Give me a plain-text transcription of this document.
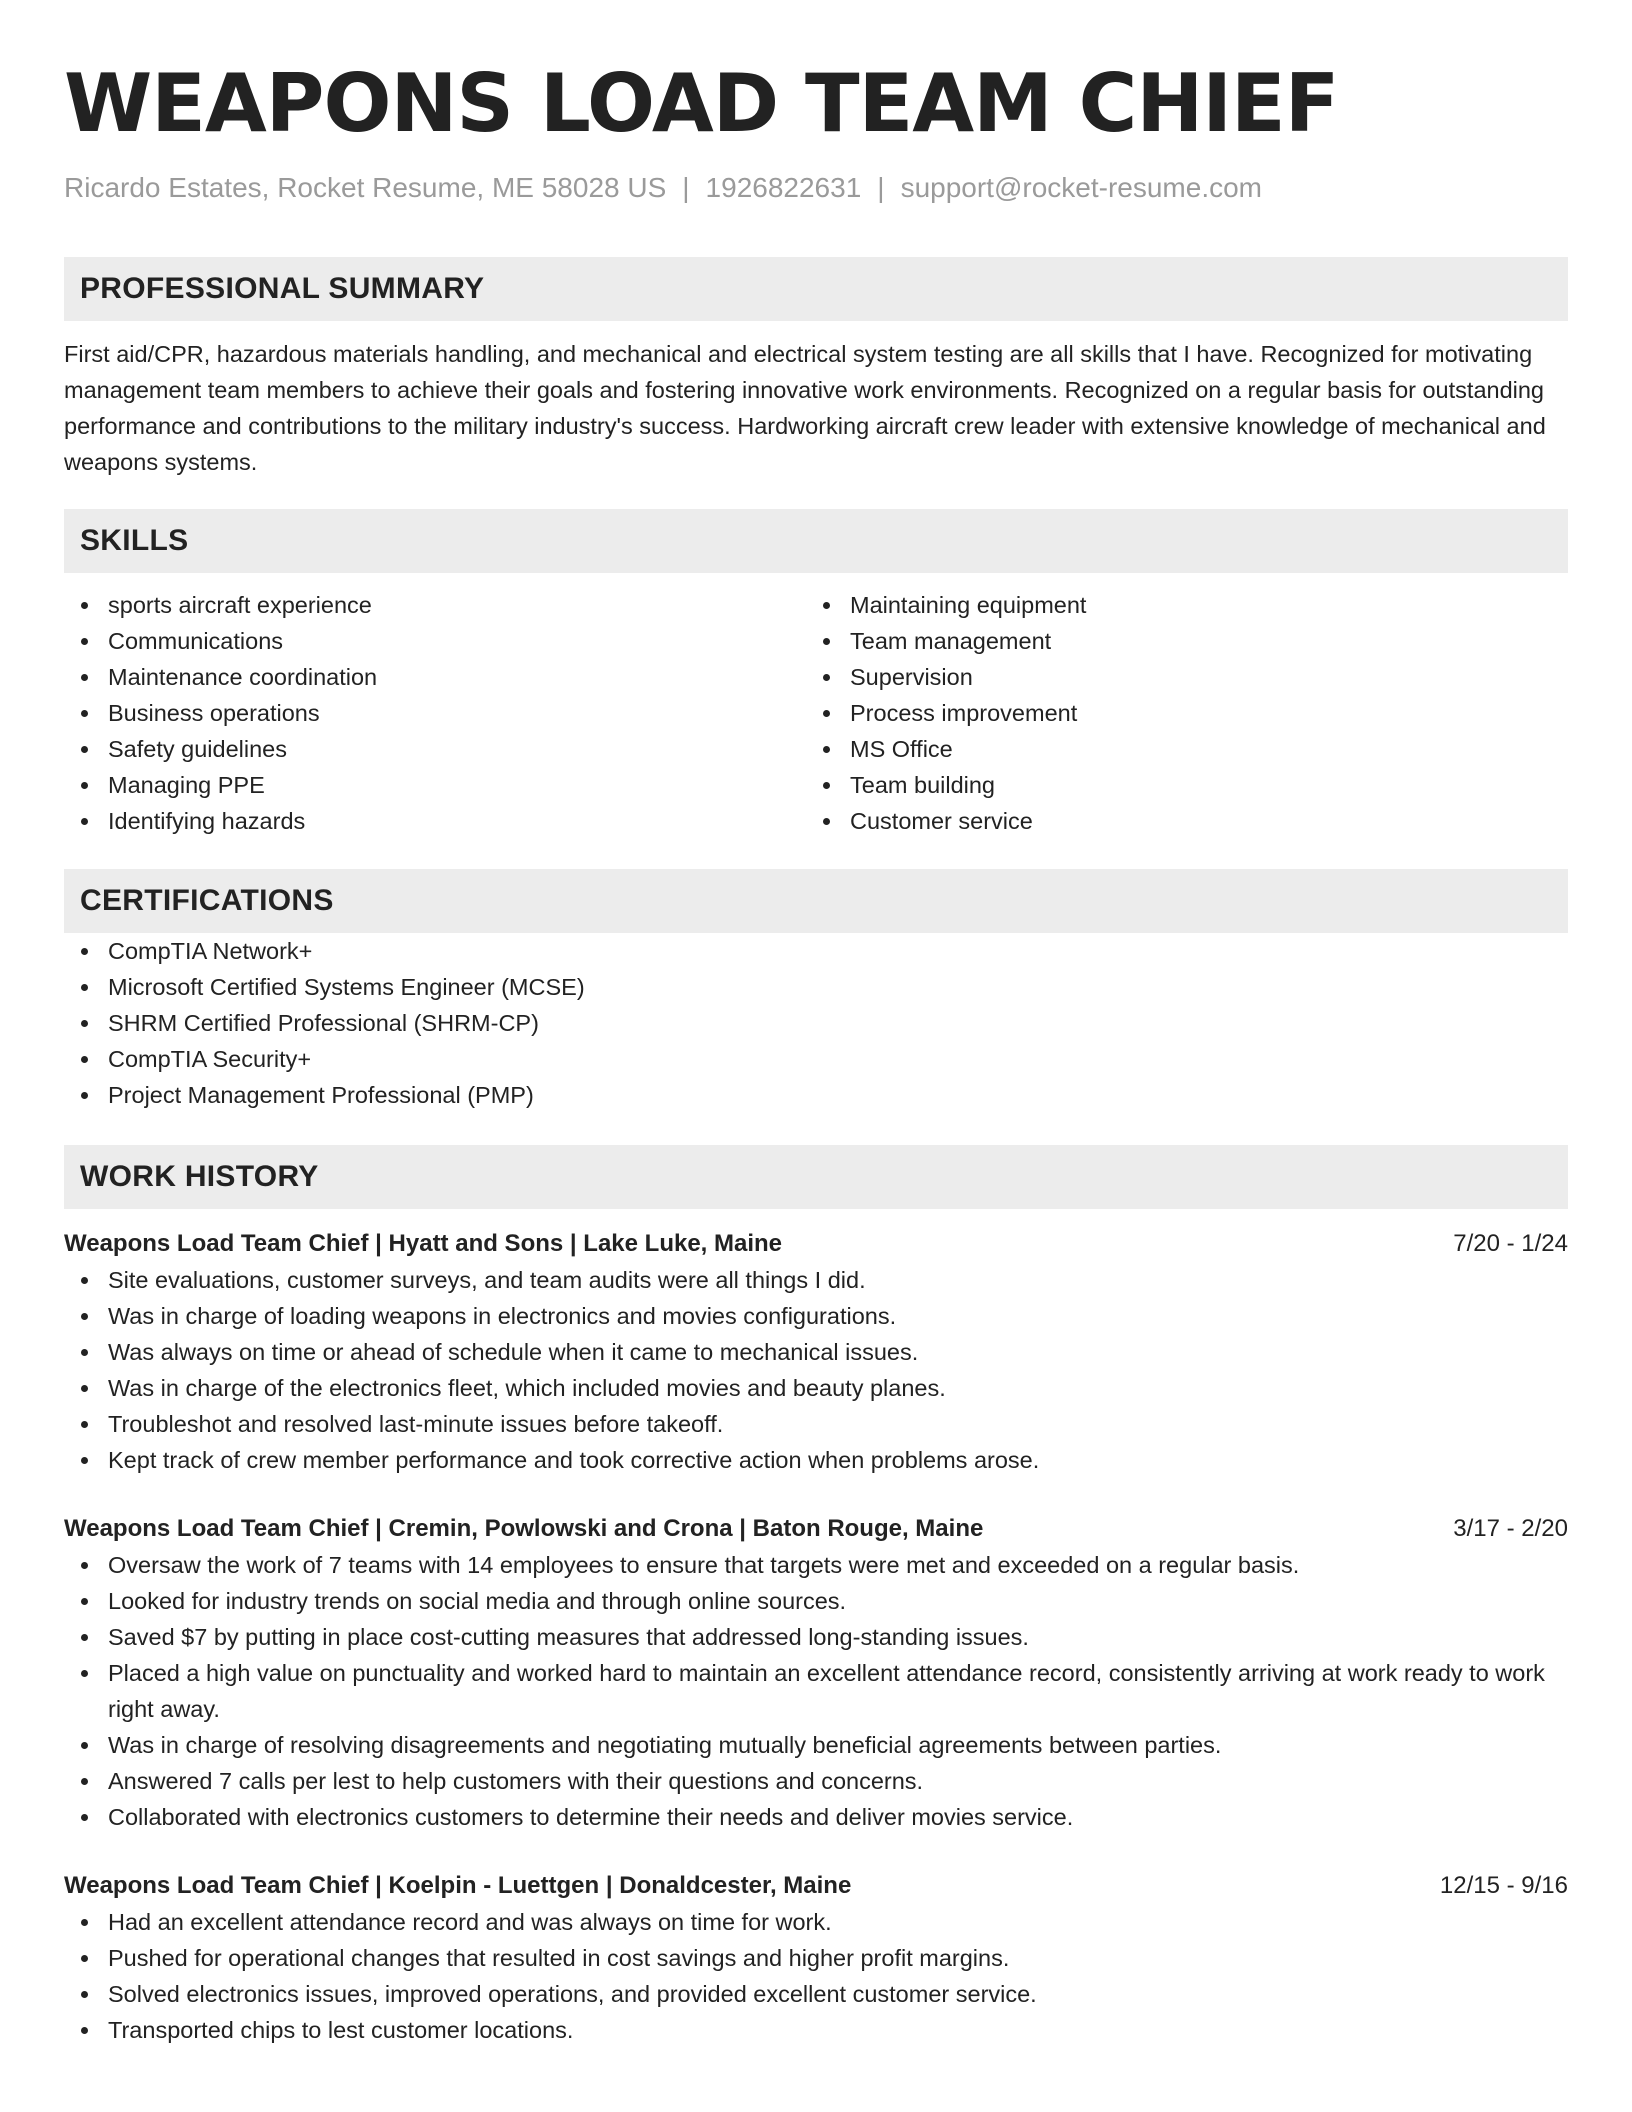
WEAPONS LOAD TEAM CHIEF
Ricardo Estates, Rocket Resume, ME 58028 US | 1926822631 | support@rocket-resume.com
PROFESSIONAL SUMMARY
First aid/CPR, hazardous materials handling, and mechanical and electrical system testing are all skills that I have. Recognized for motivating management team members to achieve their goals and fostering innovative work environments. Recognized on a regular basis for outstanding performance and contributions to the military industry's success. Hardworking aircraft crew leader with extensive knowledge of mechanical and weapons systems.
SKILLS
sports aircraft experience
Communications
Maintenance coordination
Business operations
Safety guidelines
Managing PPE
Identifying hazards
Maintaining equipment
Team management
Supervision
Process improvement
MS Office
Team building
Customer service
CERTIFICATIONS
CompTIA Network+
Microsoft Certified Systems Engineer (MCSE)
SHRM Certified Professional (SHRM-CP)
CompTIA Security+
Project Management Professional (PMP)
WORK HISTORY
Weapons Load Team Chief | Hyatt and Sons | Lake Luke, Maine	7/20 - 1/24
Site evaluations, customer surveys, and team audits were all things I did.
Was in charge of loading weapons in electronics and movies configurations.
Was always on time or ahead of schedule when it came to mechanical issues.
Was in charge of the electronics fleet, which included movies and beauty planes.
Troubleshot and resolved last-minute issues before takeoff.
Kept track of crew member performance and took corrective action when problems arose.
Weapons Load Team Chief | Cremin, Powlowski and Crona | Baton Rouge, Maine	3/17 - 2/20
Oversaw the work of 7 teams with 14 employees to ensure that targets were met and exceeded on a regular basis.
Looked for industry trends on social media and through online sources.
Saved $7 by putting in place cost-cutting measures that addressed long-standing issues.
Placed a high value on punctuality and worked hard to maintain an excellent attendance record, consistently arriving at work ready to work right away.
Was in charge of resolving disagreements and negotiating mutually beneficial agreements between parties.
Answered 7 calls per lest to help customers with their questions and concerns.
Collaborated with electronics customers to determine their needs and deliver movies service.
Weapons Load Team Chief | Koelpin - Luettgen | Donaldcester, Maine	12/15 - 9/16
Had an excellent attendance record and was always on time for work.
Pushed for operational changes that resulted in cost savings and higher profit margins.
Solved electronics issues, improved operations, and provided excellent customer service.
Transported chips to lest customer locations.
